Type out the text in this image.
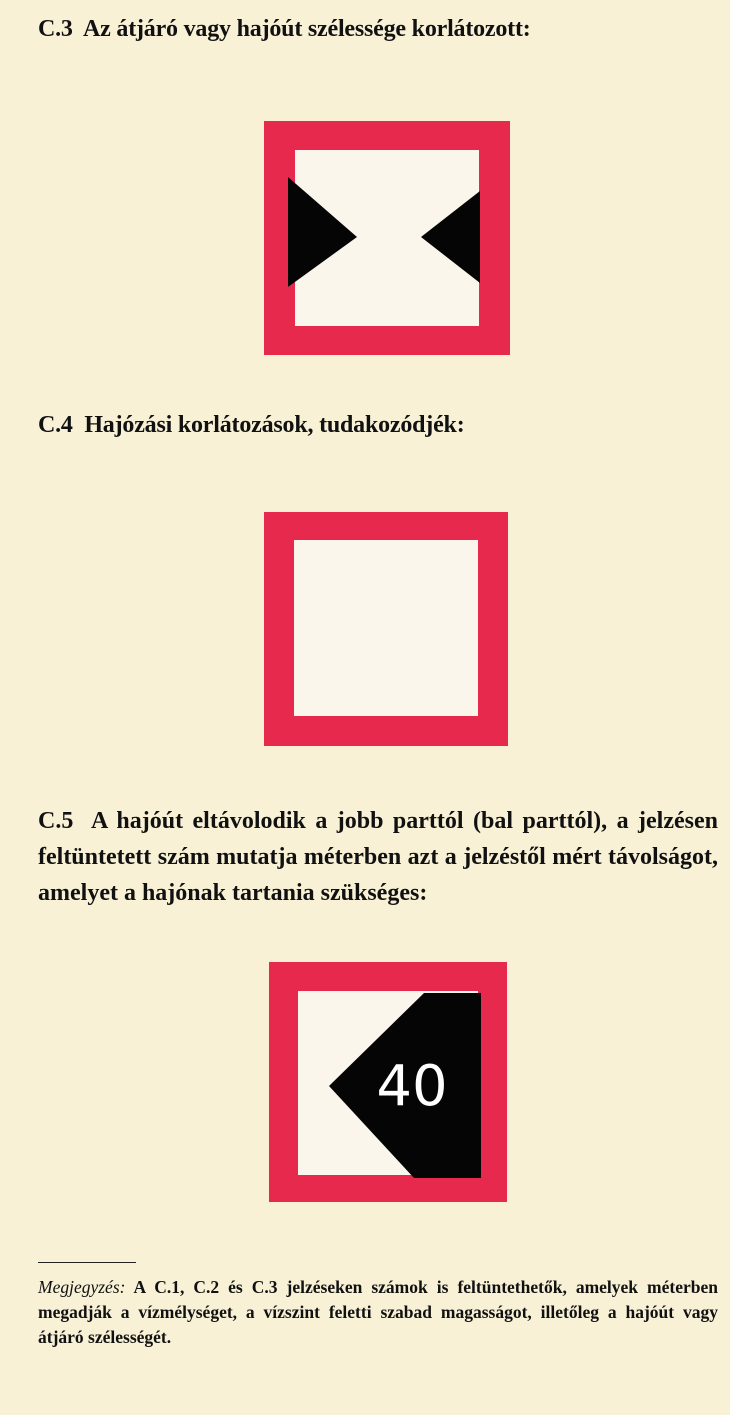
C.3 Az átjáró vagy hajóút szélessége korlátozott:
C.4 Hajózási korlátozások, tudakozódjék:

C.5 A hajóút eltávolodik a jobb parttól (bal parttól), a jelzésen feltüntetett szám mutatja méterben azt a jelzéstől mért távolságot, amelyet a hajónak tartania szükséges:

40

Megjegyzés: A C.1, C.2 és C.3 jelzéseken számok is feltüntethetők, amelyek méterben megadják a vízmélységet, a vízszint feletti szabad magasságot, illetőleg a hajóút vagy átjáró szélességét.
